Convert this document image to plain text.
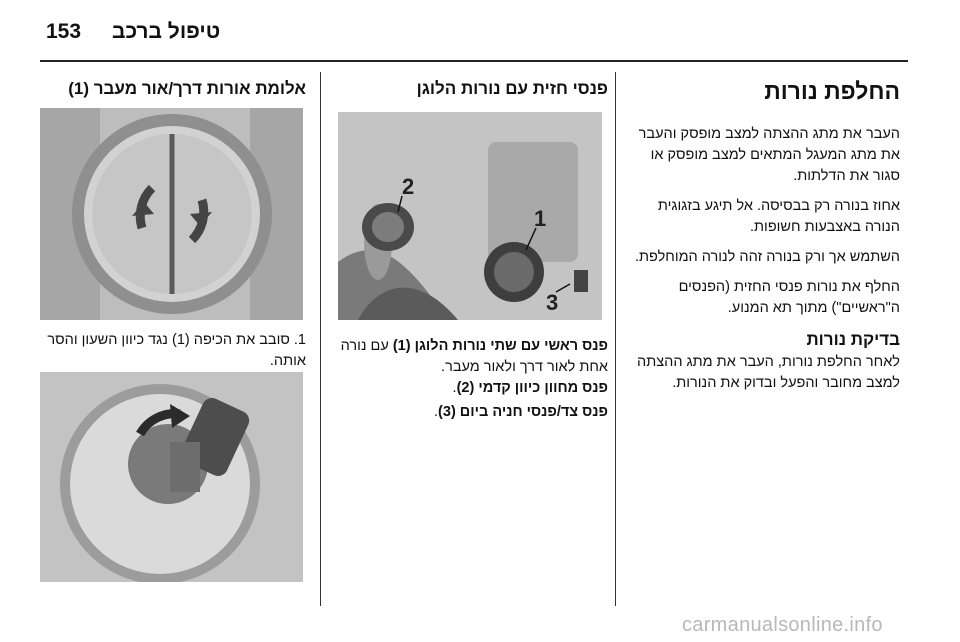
153 טיפול ברכב
החלפת נורות
העבר את מתג ההצתה למצב מופסק והעבר את מתג המעגל המתאים למצב מופסק או סגור את הדלתות.
אחוז בנורה רק בבסיסה. אל תיגע בזגוגית הנורה באצבעות חשופות.
השתמש אך ורק בנורה זהה לנורה המוחלפת.
החלף את נורות פנסי החזית (הפנסים ה"ראשיים") מתוך תא המנוע.
בדיקת נורות
לאחר החלפת נורות, העבר את מתג ההצתה למצב מחובר והפעל ובדוק את הנורות.
פנסי חזית עם נורות הלוגן
2
1
3
פנס ראשי עם שתי נורות הלוגן (1) עם נורה אחת לאור דרך ולאור מעבר.
פנס מחוון כיוון קדמי (2).
פנס צד/פנסי חניה ביום (3).
אלומת אורות דרך/אור מעבר (1)
1. סובב את הכיפה (1) נגד כיוון השעון והסר אותה.
carmanualsonline.info
